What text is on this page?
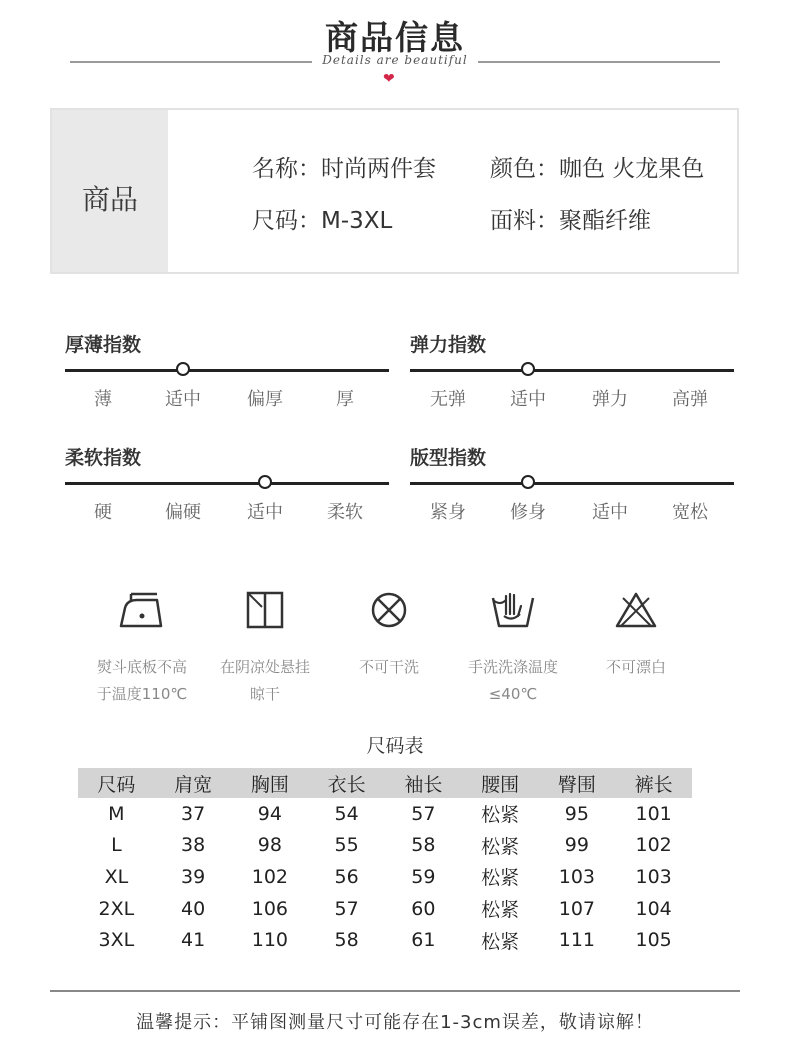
商品信息
Details are beautiful
❤
商品
名称：时尚两件套 颜色：咖色 火龙果色
尺码：M-3XL	面料：聚酯纤维
厚薄指数
薄	适中	偏厚	厚
弹力指数
无弹	适中	弹力	高弹
柔软指数
硬	偏硬	适中	柔软
版型指数
紧身	修身	适中	宽松
熨斗底板不高
于温度110℃
在阴凉处悬挂
晾干
不可干洗	手洗洗涤温度
≤40℃
不可漂白
尺码表
尺码	肩宽	胸围	衣长	袖长	腰围	臀围	裤长
M	37	94	54	57	松紧	95	101
L	38	98	55	58	松紧	99	102
XL	39	102	56	59	松紧	103	103
2XL	40	106	57	60	松紧	107	104
3XL	41	110	58	61	松紧	111	105
温馨提示：平铺图测量尺寸可能存在1-3cm误差，敬请谅解！
